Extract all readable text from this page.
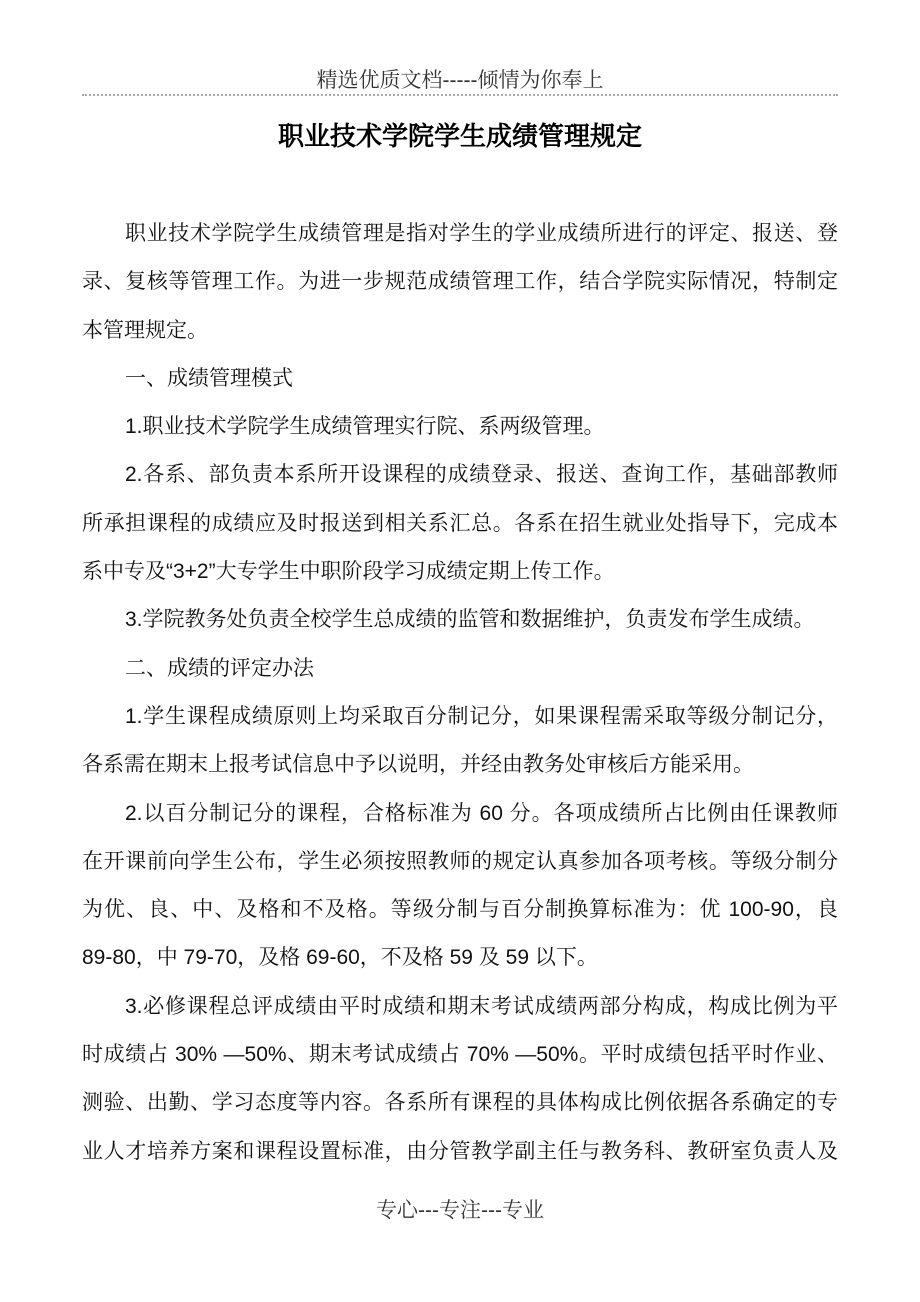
精选优质文档-----倾情为你奉上
职业技术学院学生成绩管理规定
职业技术学院学生成绩管理是指对学生的学业成绩所进行的评定、报送、登
录、复核等管理工作。为进一步规范成绩管理工作，结合学院实际情况，特制定
本管理规定。
一、成绩管理模式
1.职业技术学院学生成绩管理实行院、系两级管理。
2.各系、部负责本系所开设课程的成绩登录、报送、查询工作，基础部教师
所承担课程的成绩应及时报送到相关系汇总。各系在招生就业处指导下，完成本
系中专及“3+2”大专学生中职阶段学习成绩定期上传工作。
3.学院教务处负责全校学生总成绩的监管和数据维护，负责发布学生成绩。
二、成绩的评定办法
1.学生课程成绩原则上均采取百分制记分，如果课程需采取等级分制记分，
各系需在期末上报考试信息中予以说明，并经由教务处审核后方能采用。
2.以百分制记分的课程，合格标准为 60 分。各项成绩所占比例由任课教师
在开课前向学生公布，学生必须按照教师的规定认真参加各项考核。等级分制分
为优、良、中、及格和不及格。等级分制与百分制换算标准为：优 100-90，良
89-80，中 79-70，及格 69-60，不及格 59 及 59 以下。
3.必修课程总评成绩由平时成绩和期末考试成绩两部分构成，构成比例为平
时成绩占 30% —50%、期末考试成绩占 70% —50%。平时成绩包括平时作业、
测验、出勤、学习态度等内容。各系所有课程的具体构成比例依据各系确定的专
业人才培养方案和课程设置标准，由分管教学副主任与教务科、教研室负责人及
专心---专注---专业
